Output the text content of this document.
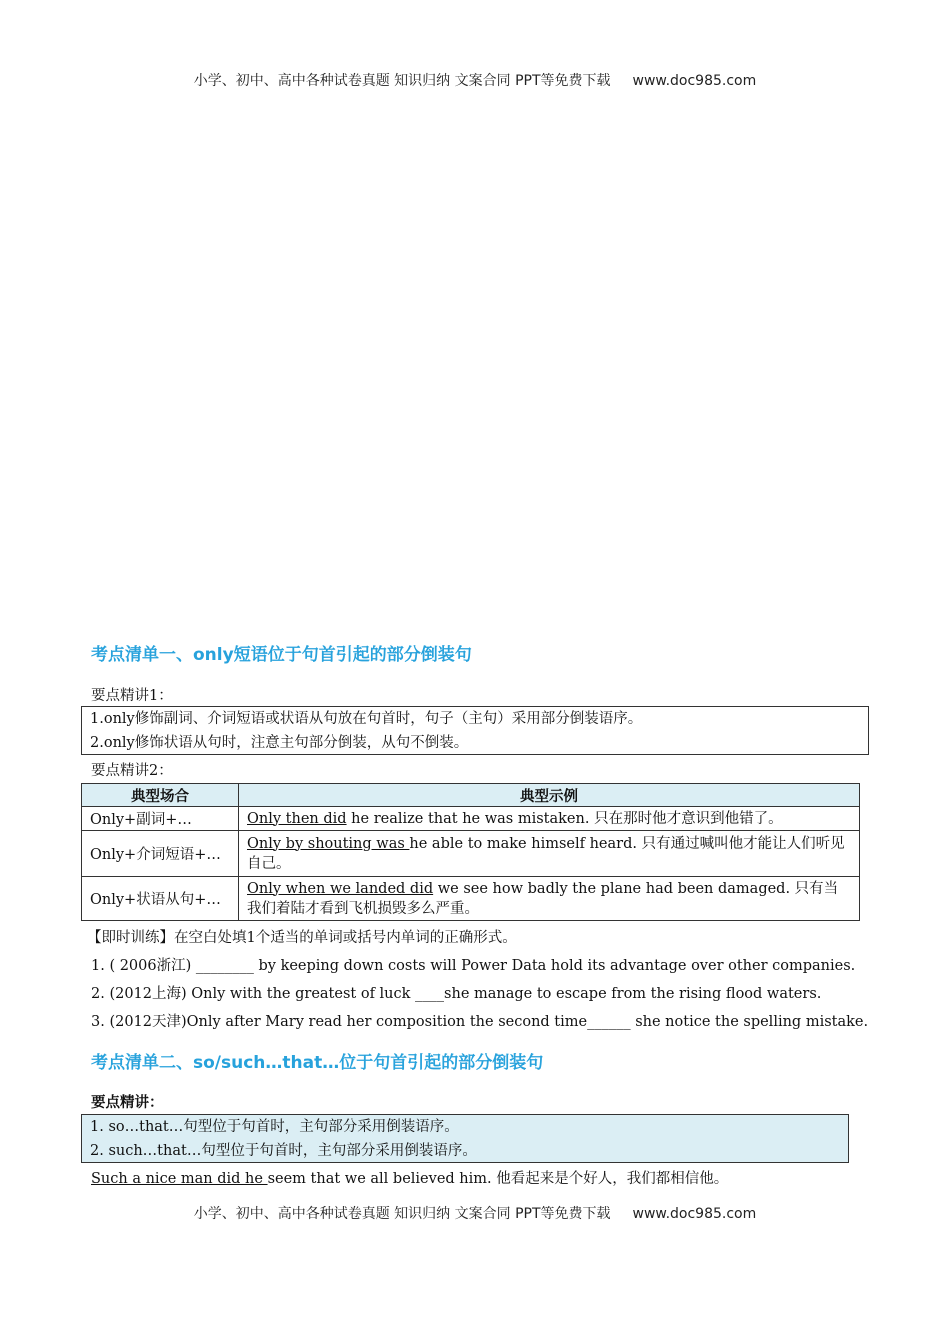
小学、初中、高中各种试卷真题 知识归纳 文案合同 PPT等免费下载 www.doc985.com
考点清单一、only短语位于句首引起的部分倒装句
要点精讲1：
1.only修饰副词、介词短语或状语从句放在句首时，句子（主句）采用部分倒装语序。
2.only修饰状语从句时，注意主句部分倒装，从句不倒装。
要点精讲2：
典型场合	典型示例
Only+副词+…	Only then did he realize that he was mistaken. 只在那时他才意识到他错了。
Only+介词短语+…	Only by shouting was he able to make himself heard. 只有通过喊叫他才能让人们听见自己。
Only+状语从句+…	Only when we landed did we see how badly the plane had been damaged. 只有当我们着陆才看到飞机损毁多么严重。
【即时训练】在空白处填1个适当的单词或括号内单词的正确形式。
1. ( 2006浙江) ________ by keeping down costs will Power Data hold its advantage over other companies.
2. (2012上海) Only with the greatest of luck ____she manage to escape from the rising flood waters.
3. (2012天津)Only after Mary read her composition the second time______ she notice the spelling mistake.
考点清单二、so/such…that…位于句首引起的部分倒装句
要点精讲：
1. so…that…句型位于句首时，主句部分采用倒装语序。
2. such…that…句型位于句首时，主句部分采用倒装语序。
Such a nice man did he seem that we all believed him. 他看起来是个好人，我们都相信他。
小学、初中、高中各种试卷真题 知识归纳 文案合同 PPT等免费下载 www.doc985.com
